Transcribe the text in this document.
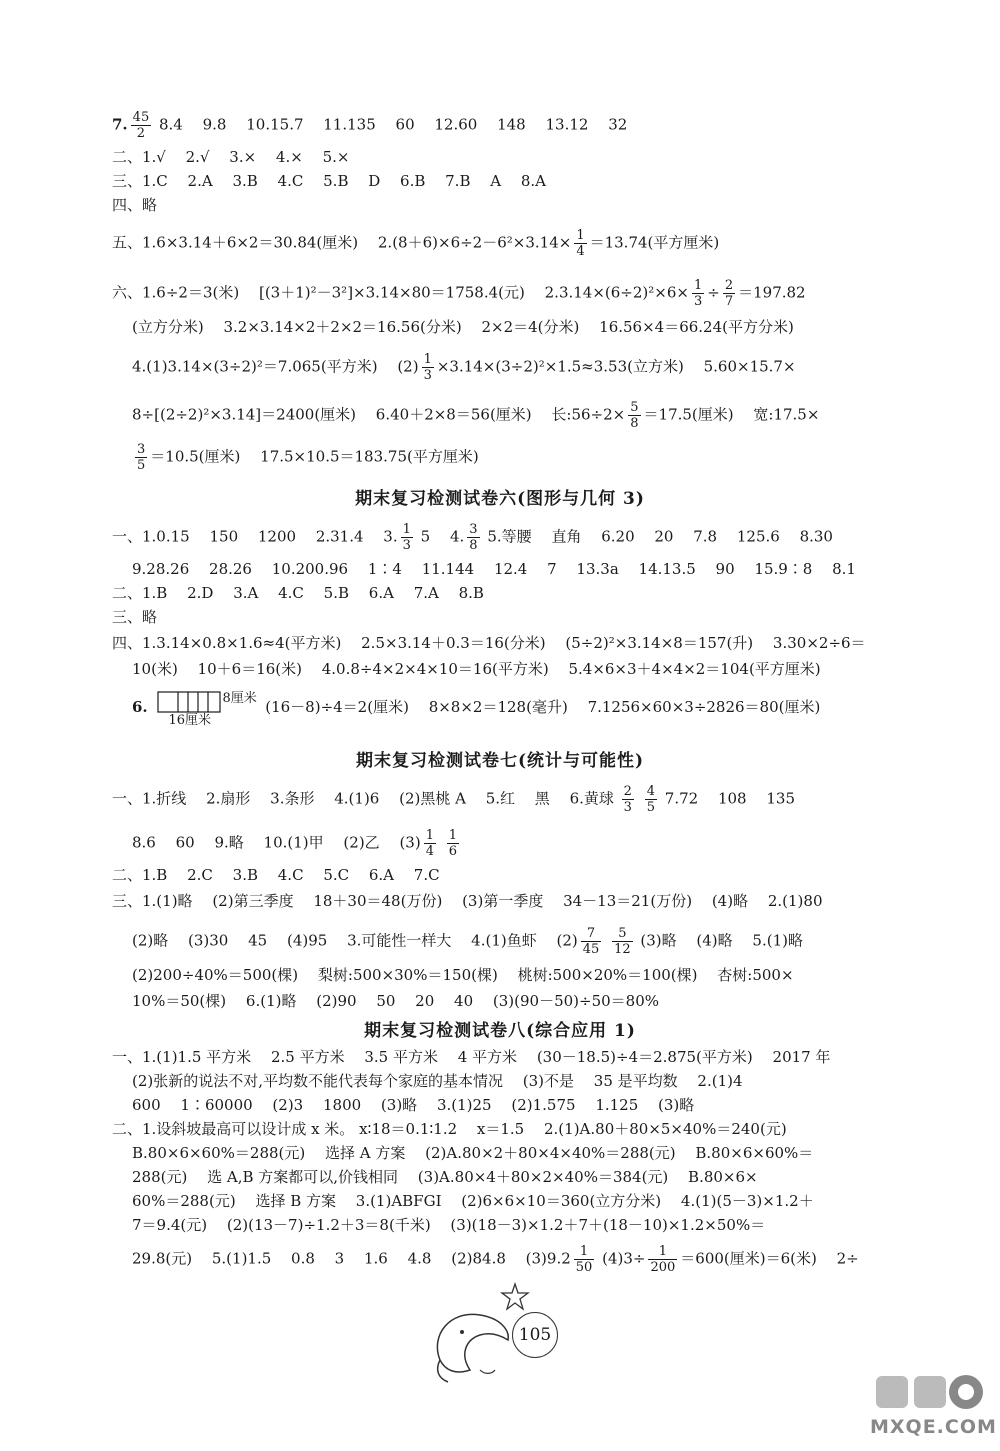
7. $\frac{45}{2} 8.4$　 9.8　 10.15.7　 11.135　 60　 12.60　 148　 13.12　 32
二、1.√　 2.√　 3.×　 4.×　 5.×
三、1.C　 2.A　 3.B　 4.C　 5.B　 D　 6.B　 7.B　 A　 8.A
四、略
五、1.6×3.14＋6×2＝30.84(厘米)　 $2.(8+6)\times 6\div 2-6^2\times 3.14\times \frac{1}{4} =13.74$(平方厘米)
六、1.6÷2＝3(米)　 [(3＋1)²－3²]×3.14×80＝1758.4(元)　 $2.3.14\times(6\div 2)^2\times 6\times \frac{1}{3} \div \frac{2}{7} =197.82$
(立方分米)　 3.2×3.14×2＋2×2＝16.56(分米)　 2×2＝4(分米)　 16.56×4＝66.24(平方分米)
4.(1)3.14×(3÷2)²＝7.065(平方米)　 $(2) \frac{1}{3} \times 3.14\times(3\div 2)^2\times 1.5\approx 3.53$(立方米)　 5.60×15.7×
8÷[(2÷2)²×3.14]＝2400(厘米)　 6.40＋2×8＝56(厘米)　 长:56÷2× $\frac{5}{8} =17.5$(厘米)　 宽:17.5×
$\frac{3}{5} =10.5$(厘米)　 17.5×10.5＝183.75(平方厘米)
期末复习检测试卷六(图形与几何 3)
一、1.0.15　 150　 1200　 2.31.4　 3. $\frac{1}{3} 5$　 4. $\frac{3}{8} 5$.等腰　 直角　 6.20　 20　 7.8　 125.6　 8.30
9.28.26　 28.26　 10.200.96　 1∶4　 11.144　 12.4　 7　 13.3a　 14.13.5　 90　 15.9∶8　 8.1
二、1.B　 2.D　 3.A　 4.C　 5.B　 6.A　 7.A　 8.B
三、略
四、1.3.14×0.8×1.6≈4(平方米)　 2.5×3.14＋0.3＝16(分米)　 (5÷2)²×3.14×8＝157(升)　 3.30×2÷6＝
10(米)　 10＋6＝16(米)　 4.0.8÷4×2×4×10＝16(平方米)　 5.4×6×3＋4×4×2＝104(平方厘米)
6.	8厘米
16厘米
(16－8)÷4＝2(厘米)　 8×8×2＝128(毫升)　 7.1256×60×3÷2826＝80(厘米)
期末复习检测试卷七(统计与可能性)
一、1.折线　 2.扇形　 3.条形　 4.(1)6　 (2)黑桃 A　 5.红　 黑　 6.黄球 $\frac{2}{3}$
$\frac{4}{5} 7.72$　 108　 135
8.6　 60　 9.略　 10.(1)甲　 (2)乙　 $(3) \frac{1}{4}$
$\frac{1}{6}$
二、1.B　 2.C　 3.B　 4.C　 5.C　 6.A　 7.C
三、1.(1)略　 (2)第三季度　 18＋30＝48(万份)　 (3)第一季度　 34－13＝21(万份)　 (4)略　 2.(1)80
(2)略　 (3)30　 45　 (4)95　 3.可能性一样大　 4.(1)鱼虾　 $(2) \frac{7}{45}$
$\frac{5}{12} (3)$略　 (4)略　 5.(1)略
(2)200÷40%＝500(棵)　 梨树:500×30%＝150(棵)　 桃树:500×20%＝100(棵)　 杏树:500×
10%＝50(棵)　 6.(1)略　 (2)90　 50　 20　 40　 (3)(90－50)÷50＝80%
期末复习检测试卷八(综合应用 1)
一、1.(1)1.5 平方米　 2.5 平方米　 3.5 平方米　 4 平方米　 (30－18.5)÷4＝2.875(平方米)　 2017 年
(2)张新的说法不对,平均数不能代表每个家庭的基本情况　 (3)不是　 35 是平均数　 2.(1)4
600　 1∶60000　 (2)3　 1800　 (3)略　 3.(1)25　 (2)1.575　 1.125　 (3)略
二、1.设斜坡最高可以设计成 x 米。 x∶18＝0.1∶1.2　 x＝1.5　 2.(1)A.80＋80×5×40%＝240(元)
B.80×6×60%＝288(元)　 选择 A 方案　 (2)A.80×2＋80×4×40%＝288(元)　 B.80×6×60%＝
288(元)　 选 A,B 方案都可以,价钱相同　 (3)A.80×4＋80×2×40%＝384(元)　 B.80×6×
60%＝288(元)　 选择 B 方案　 3.(1)ABFGI　 (2)6×6×10＝360(立方分米)　 4.(1)(5－3)×1.2＋
7＝9.4(元)　 (2)(13－7)÷1.2＋3＝8(千米)　 (3)(18－3)×1.2＋7＋(18－10)×1.2×50%＝
29.8(元)　 5.(1)1.5　 0.8　 3　 1.6　 4.8　 (2)84.8　 $(3)9.2 \frac{1}{50} (4)3\div \frac{1}{200} =600$(厘米)＝6(米)　 2÷
105
MXQE.COM
